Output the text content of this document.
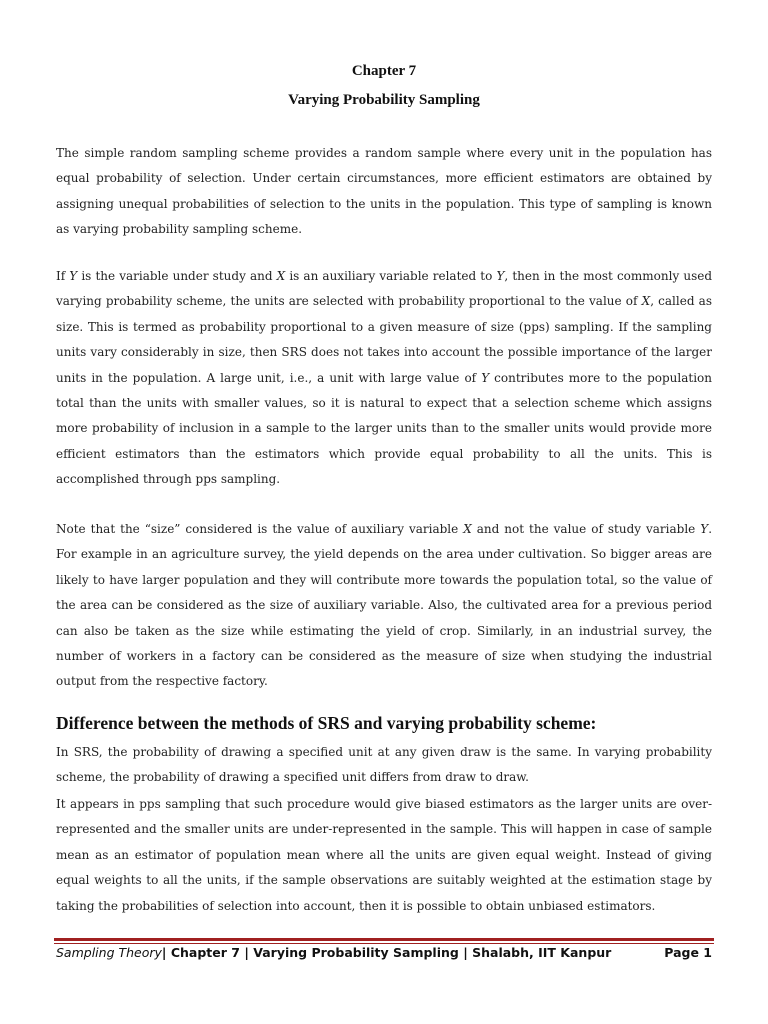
Chapter 7
Varying Probability Sampling

The simple random sampling scheme provides a random sample where every unit in the population has equal probability of selection. Under certain circumstances, more efficient estimators are obtained by assigning unequal probabilities of selection to the units in the population. This type of sampling is known as varying probability sampling scheme.

If Y is the variable under study and X is an auxiliary variable related to Y, then in the most commonly used varying probability scheme, the units are selected with probability proportional to the value of X, called as size. This is termed as probability proportional to a given measure of size (pps) sampling. If the sampling units vary considerably in size, then SRS does not takes into account the possible importance of the larger units in the population. A large unit, i.e., a unit with large value of Y contributes more to the population total than the units with smaller values, so it is natural to expect that a selection scheme which assigns more probability of inclusion in a sample to the larger units than to the smaller units would provide more efficient estimators than the estimators which provide equal probability to all the units. This is accomplished through pps sampling.

Note that the “size” considered is the value of auxiliary variable X and not the value of study variable Y. For example in an agriculture survey, the yield depends on the area under cultivation. So bigger areas are likely to have larger population and they will contribute more towards the population total, so the value of the area can be considered as the size of auxiliary variable. Also, the cultivated area for a previous period can also be taken as the size while estimating the yield of crop. Similarly, in an industrial survey, the number of workers in a factory can be considered as the measure of size when studying the industrial output from the respective factory.

Difference between the methods of SRS and varying probability scheme:

In SRS, the probability of drawing a specified unit at any given draw is the same. In varying probability scheme, the probability of drawing a specified unit differs from draw to draw.

It appears in pps sampling that such procedure would give biased estimators as the larger units are over-represented and the smaller units are under-represented in the sample. This will happen in case of sample mean as an estimator of population mean where all the units are given equal weight. Instead of giving equal weights to all the units, if the sample observations are suitably weighted at the estimation stage by taking the probabilities of selection into account, then it is possible to obtain unbiased estimators.

Sampling Theory| Chapter 7 | Varying Probability Sampling | Shalabh, IIT Kanpur	Page 1
